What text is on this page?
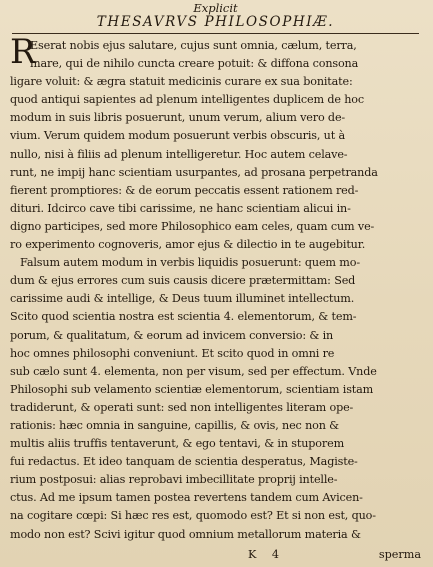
Explicit
THESAVRVS PHILOSOPHIÆ.
R
Eserat nobis ejus salutare, cujus sunt omnia, cælum, terra,
mare, qui de nihilo cuncta creare potuit: & diffona consona
ligare voluit: & ægra statuit medicinis curare ex sua bonitate:
quod antiqui sapientes ad plenum intelligentes duplicem de hoc
modum in suis libris posuerunt, unum verum, alium vero de-
vium. Verum quidem modum posuerunt verbis obscuris, ut à
nullo, nisi à filiis ad plenum intelligeretur. Hoc autem celave-
runt, ne impij hanc scientiam usurpantes, ad prosana perpetranda
fierent promptiores: & de eorum peccatis essent rationem red-
dituri. Idcirco cave tibi carissime, ne hanc scientiam alicui in-
digno participes, sed more Philosophico eam celes, quam cum ve-
ro experimento cognoveris, amor ejus & dilectio in te augebitur.
Falsum autem modum in verbis liquidis posuerunt: quem mo-
dum & ejus errores cum suis causis dicere prætermittam: Sed
carissime audi & intellige, & Deus tuum illuminet intellectum.
Scito quod scientia nostra est scientia 4. elementorum, & tem-
porum, & qualitatum, & eorum ad invicem conversio: & in
hoc omnes philosophi conveniunt. Et scito quod in omni re
sub cælo sunt 4. elementa, non per visum, sed per effectum. Vnde
Philosophi sub velamento scientiæ elementorum, scientiam istam
tradiderunt, & operati sunt: sed non intelligentes literam ope-
rationis: hæc omnia in sanguine, capillis, & ovis, nec non &
multis aliis truffis tentaverunt, & ego tentavi, & in stuporem
fui redactus. Et ideo tanquam de scientia desperatus, Magiste-
rium postposui: alias reprobavi imbecillitate proprij intelle-
ctus. Ad me ipsum tamen postea revertens tandem cum Avicen-
na cogitare cœpi: Si hæc res est, quomodo est? Et si non est, quo-
modo non est? Scivi igitur quod omnium metallorum materia &
K 4	sperma
